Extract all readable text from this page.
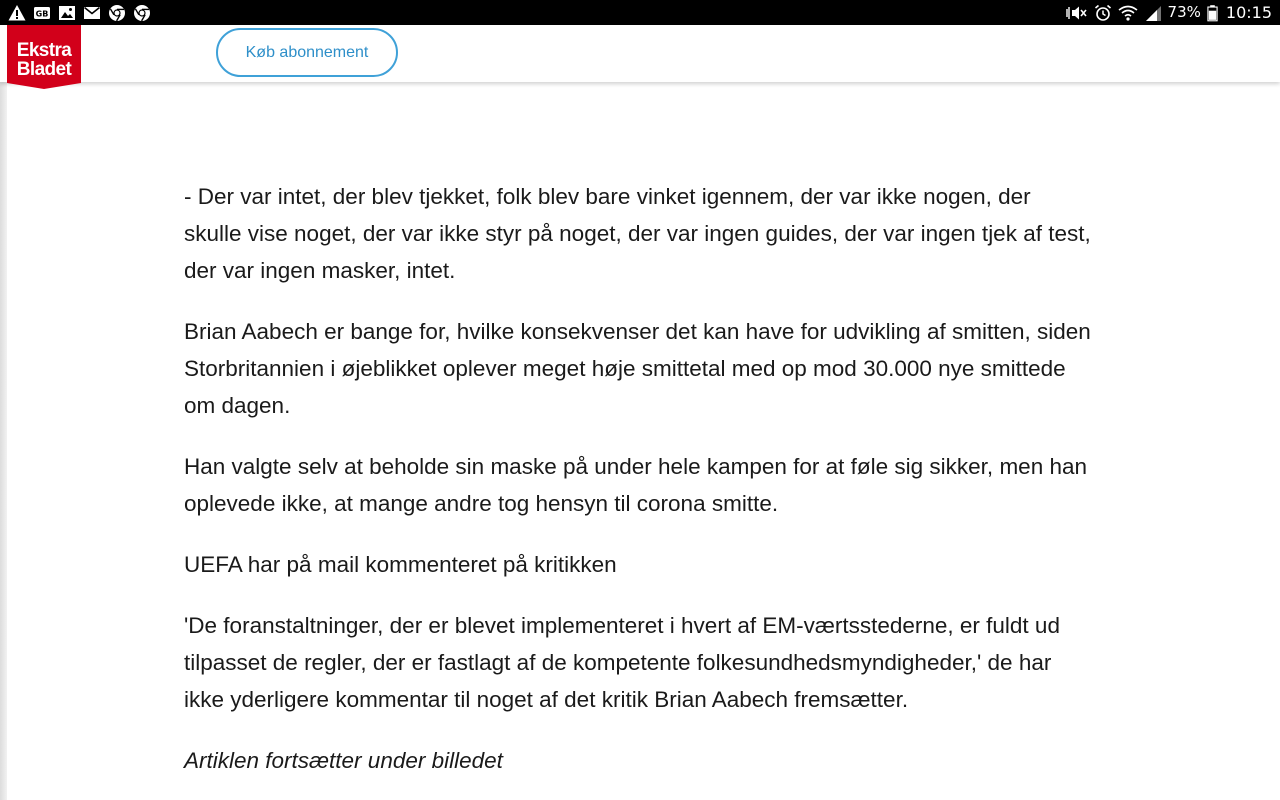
GB	73% 10:15
Ekstra
Bladet
Køb abonnement

- Der var intet, der blev tjekket, folk blev bare vinket igennem, der var ikke nogen, der skulle vise noget, der var ikke styr på noget, der var ingen guides, der var ingen tjek af test, der var ingen masker, intet.

Brian Aabech er bange for, hvilke konsekvenser det kan have for udvikling af smitten, siden Storbritannien i øjeblikket oplever meget høje smittetal med op mod 30.000 nye smittede om dagen.

Han valgte selv at beholde sin maske på under hele kampen for at føle sig sikker, men han oplevede ikke, at mange andre tog hensyn til corona smitte.

UEFA har på mail kommenteret på kritikken

'De foranstaltninger, der er blevet implementeret i hvert af EM-værtsstederne, er fuldt ud tilpasset de regler, der er fastlagt af de kompetente folkesundhedsmyndigheder,' de har ikke yderligere kommentar til noget af det kritik Brian Aabech fremsætter.

Artiklen fortsætter under billedet
